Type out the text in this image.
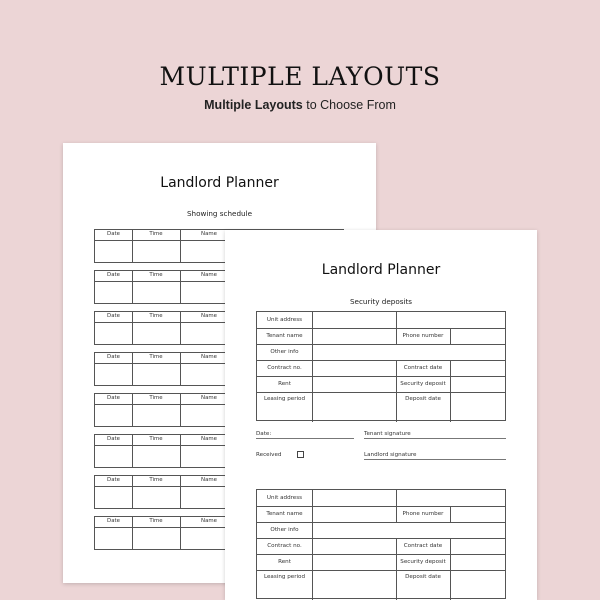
MULTIPLE LAYOUTS
Multiple Layouts to Choose From
Landlord Planner
Showing schedule
Date	Time	Name
Date	Time	Name
Date	Time	Name
Date	Time	Name
Date	Time	Name
Date	Time	Name
Date	Time	Name
Date	Time	Name
Landlord Planner
Security deposits
Unit address
Tenant name	Phone number
Other info
Contract no.	Contract date
Rent	Security deposit
Leasing period	Deposit date
Date:	Tenant signature
Received	Landlord signature
Unit address
Tenant name	Phone number
Other info
Contract no.	Contract date
Rent	Security deposit
Leasing period	Deposit date
